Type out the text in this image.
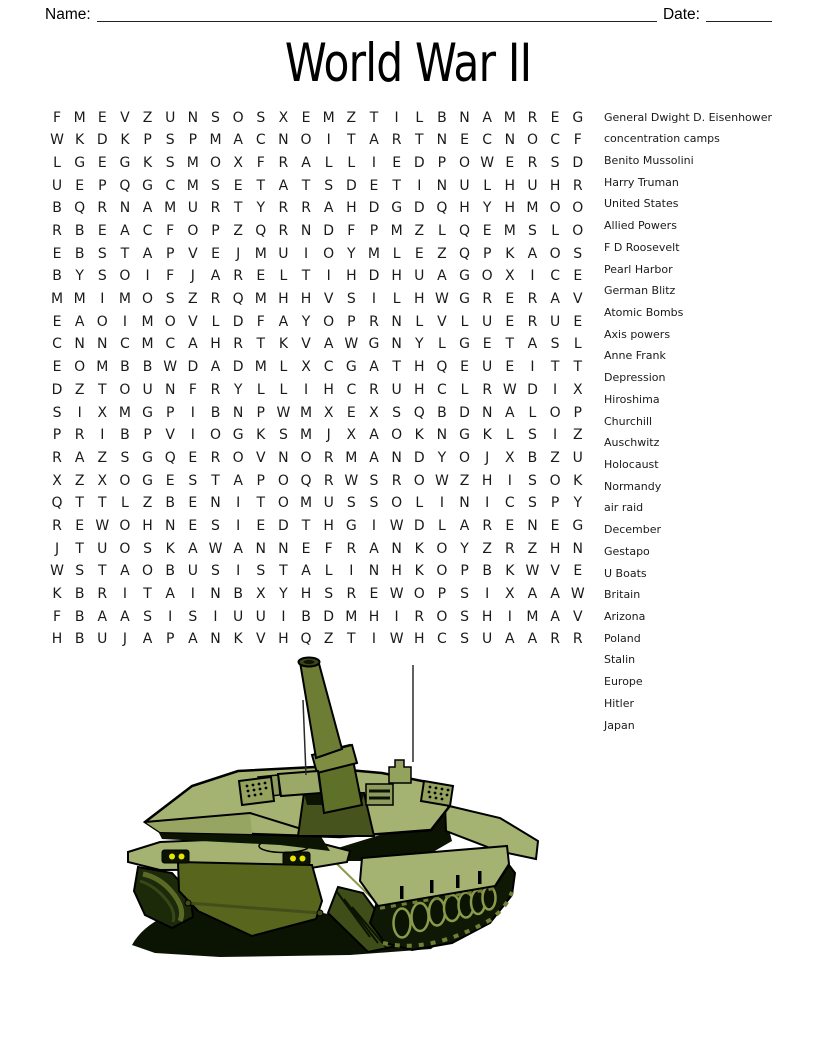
Name:	Date:
World War II
F M E V Z U N S O S X E M Z T	I	L B N A M R E G
W K D K P S P M A C N O	I	T A R T N E C N O C F
L G E G K S M O X F R A L	L	I	E D P O W E R S D
U E P Q G C M S E T A T S D E T	I	N U L H U H R
B Q R N A M U R T	Y R R A H D G D Q H Y H M O O
R B E A C F O P Z Q R N D F	P M Z L Q E M S	L O
E B S T A P V E	J	M U	I	O Y M L	E Z Q P K A O S
B Y S O	I	F	J	A R E	L	T	I	H D H U A G O X	I	C E
M M	I	M O S Z R Q M H H V S	I	L H W G R E R A V
E A O	I	M O V L D F A Y O P R N L V L U E R U E
C N N C M C A H R T K V A W G N Y	L G E T A S	L
E O M B B W D A D M L X C G A T H Q E U E	I	T	T
D Z T O U N F R Y	L	L	I	H C R U H C L R W D	I	X
S	I	X M G P	I	B N P W M X E X S Q B D N A L O P
P R	I	B P V	I	O G K S M	J	X A O K N G K	L	S	I	Z
R A Z S G Q E R O V N O R M A N D Y O	J	X B Z U
X Z X O G E S T A P O Q R W S R O W Z H	I	S O K
Q T	T	L Z B E N	I	T O M U S S O L	I	N	I	C S P	Y
R E W O H N E S	I	E D T H G	I W D L A R E N E G
J	T U O S K A W A N N E	F R A N K O Y Z R Z H N
W S T A O B U S	I	S T A L	I	N H K O P B K W V E
K B R	I	T A	I	N B X Y H S R E W O P S	I	X A A W
F B A A S	I	S	I	U U	I	B D M H	I	R O S H	I	M A V
H B U	J	A P A N K V H Q Z T	I W H C S U A A R R
General Dwight D. Eisenhower
concentration camps
Benito Mussolini
Harry Truman
United States
Allied Powers
F D Roosevelt
Pearl Harbor
German Blitz
Atomic Bombs
Axis powers
Anne Frank
Depression
Hiroshima
Churchill
Auschwitz
Holocaust
Normandy
air raid
December
Gestapo
U Boats
Britain
Arizona
Poland
Stalin
Europe
Hitler
Japan
